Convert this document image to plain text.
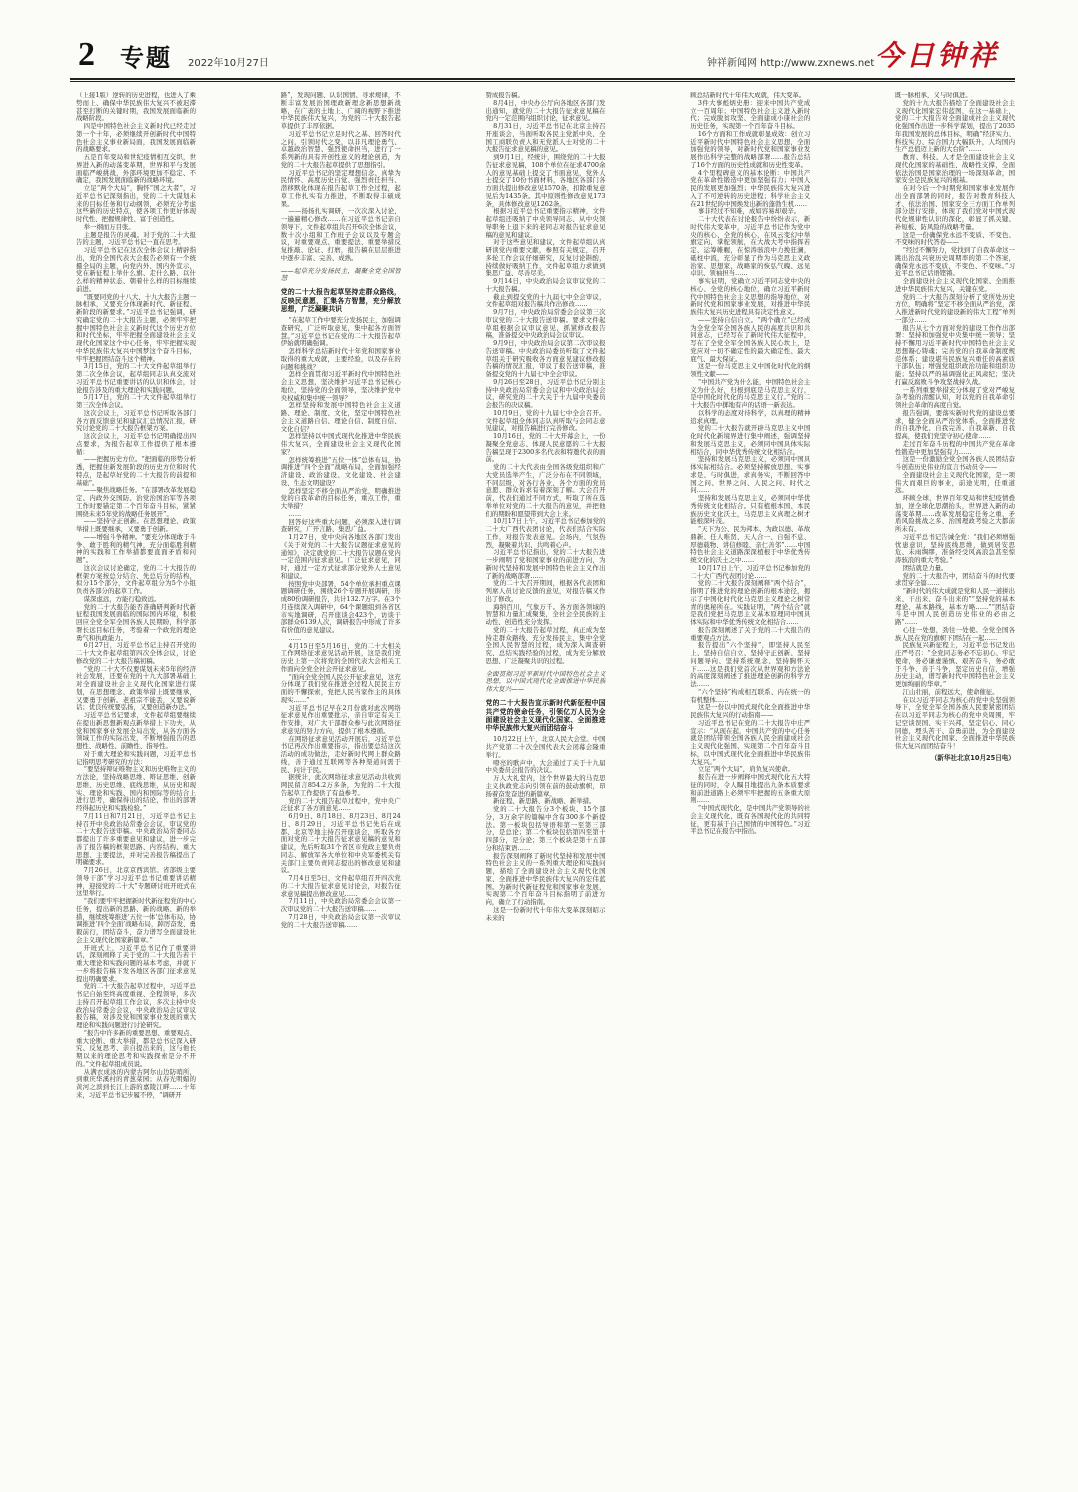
2 专题 2022年10月27日	钟祥新闻网 http://www.zxnews.net 今日钟祥

（上接1版）逆转的历史进程，也进入了乘势而上、确保中华民族伟大复兴不被迟滞甚至打断的关键时期，我国发展面临新的战略阶段。

四是中国特色社会主义新时代已经走过第一个十年，必须继续开创新时代中国特色社会主义事业新局面，我国发展面临新的战略要求。

五是百年变局和世纪疫情相互交织，世界进入新的动荡变革期，世界和平与发展面临严峻挑战，外部环境更加不稳定、不确定，我国发展面临新的战略环境。

立足“两个大局”，胸怀“国之大者”，习近平总书记深刻指出，党的二十大谋划未来的目标任务和行动纲领，必须充分考虑这些新的历史特点，使各项工作更好体现时代性、把握规律性、富于创造性。

举一纲而万目张。

主题是报告的灵魂。对于党的二十大报告的主题，习近平总书记一直在思考。

习近平总书记在这次全体会议上精辟指出，党的全国代表大会报告必须有一个统摄全局的主题，向党内外、国内外宣示，党在新征程上举什么旗、走什么路、以什么样的精神状态、朝着什么样的目标继续前进。

“既要同党的十八大、十九大报告主题一脉相承，又要充分体现新时代、新征程、新阶段的新要求。”习近平总书记强调，研究确定党的二十大报告主题，必须牢牢把握中国特色社会主义新时代这个历史方位和时代坐标，牢牢把握全面建设社会主义现代化国家这个中心任务，牢牢把握实现中华民族伟大复兴中国梦这个奋斗目标，牢牢把握团结奋斗这个精神。

3月15日，党的二十大文件起草组举行第二次全体会议，起草组同志认真交流对习近平总书记重要讲话的认识和体会，讨论报告涉及的重大理论和实践问题。

5月17日，党的二十大文件起草组举行第三次全体会议。

这次会议上，习近平总书记听取各部门各方面反馈意见和建议汇总情况汇报，研究讨论党的二十大报告框架方案。

这次会议上，习近平总书记明确提出四点要求，为报告起草工作提供了根本遵循：

——把握历史方位。“把面临的形势分析透，把握住新发展阶段的历史方位和时代特点，是起草好党的二十大报告的前提和基础”。

——聚焦战略任务。“在部署改革发展稳定、内政外交国防、治党治国治军等各项工作时要锚定第二个百年奋斗目标，紧紧围绕未来5年党的战略任务展开”。

——坚持守正创新。在思想理论、政策举措上既要继承，又要勇于创新。

——增强斗争精神。“要充分体现敢于斗争、敢于胜利的精气神，充分面临胜利精神的实践和工作举措都要直面矛盾和问题”。

这次会议讨论确定，党的二十大报告的框架方案按总分结合、先总后分的结构，拟分15个部分，文件起草组分为5个小组负责各部分的起草工作。

谋深虑远，方能行稳致远。

党的二十大报告能否准确研判新时代新征程我国发展面临的国际国内环境，积极回应全党全军全国各族人民期盼，科学部署长远目标任务，考验着一个政党的理论勇气和执政能力。

6月27日，习近平总书记主持召开党的二十大文件起草组第四次全体会议，讨论修改党的二十大报告稿初稿。

“党的二十大不仅要谋划未来5年的经济社会发展，还要在党的十九大部署基础上对全面建设社会主义现代化国家进行谋划，在思想理念、政策举措上既要继承，又要勇于创新。老祖宗不能丢，又要说新话；优良传统要弘扬，又要创造新办法。”

习近平总书记要求，文件起草组要继续在提出新思想新观点新举措上下功夫，从党和国家事业发展全局出发，从各方面各领域工作的实际出发，不断增强报告的思想性、战略性、前瞻性、指导性。

对于重大理论和实践问题，习近平总书记指明思考研究的方法：

“要坚持辩证唯物主义和历史唯物主义的方法论，坚持战略思维、辩证思维、创新思维、历史思维、底线思维，从历史和现实、理论和实践、国内和国际等的结合上进行思考，确保得出的结论，作出的部署经得起历史和实践检验。”

7月11日和7月21日，习近平总书记主持召开中央政治局常委会会议，审议党的二十大报告送审稿。中央政治局常委同志都提出了许多重要意见和建议，进一步完善了报告稿的框架思路、内容结构、重大思想、主要提法，并对完善报告稿提出了明确要求。

7月26日，北京京西宾馆。省部级主要领导干部“学习习近平总书记重要讲话精神，迎接党的二十大”专题研讨班开班式在这里举行。

“我们要牢牢把握新时代新征程党的中心任务，提出新的思路、新的战略、新的举措，继续统筹推进‘五位一体’总体布局，协调推进‘四个全面’战略布局，踔厉奋发、勇毅前行，团结奋斗，奋力谱写全面建设社会主义现代化国家新篇章。”

开班式上，习近平总书记作了重要讲话，深刻阐释了关于党的二十大报告若干重大理论和实践问题的基本考虑，并就下一步将报告稿下发各地区各部门征求意见提出明确要求。

党的二十大报告起草过程中，习近平总书记自始至终高度重视、全程领导，多次主持召开起草组工作会议，多次主持中央政治局常委会会议，中央政治局会议审议报告稿，对涉及党和国家事业发展的重大理论和实践问题进行讨论研究。

“报告中许多新的重要思想、重要观点、重大论断、重大举措，都是总书记深入研究、反复思考、亲自提出来的，这与他长期以来的理论思考和实践探索是分不开的。”文件起草组成员说。

从满衣成冰的内蒙古阿尔山边防哨所，到重庆华溪村的青葱菜园；从春光明媚的黄河之滨到长江上游的嘉陵江畔……十年来，习近平总书记步履不停，“调研开

路”，发现问题、认识国情、寻求规律，不断丰富发展治国理政新理念新思想新战略，在广袤的土地上、广阔的视野下推进中华民族伟大复兴，为党的二十大报告起草提供了丰厚依据。

习近平总书记立足时代之基、回答时代之问，引领时代之变，以非凡理论勇气、卓越政治智慧、强烈使命担当，进行了一系列新的具有开创性意义的理论创造，为党的二十大报告起草提供了思想指引。

习近平总书记的坚定理想信念、真挚为民情怀、高度历史自觉、强烈责任担当、潜移默化体现在报告起草工作全过程，起草工作扎实有力推进，不断取得丰硕成果。

——扬扬扎实调研，一次次深入讨论，一遍遍精心修改……在习近平总书记亲自领导下，文件起草组共召开6次全体会议，数十次小组和工作班子会议以及专题会议，对重要观点、重要提法、重要举措反复推敲、论证、打磨，报告稿在层层推进中逐步丰富、完善、成熟。

——起草充分发扬民主，凝聚全党全国智慧
党的二十大报告起草坚持走群众路线，反映民意愿，汇集各方智慧，充分解放思想，广泛凝聚共识

“在起草工作中要充分发扬民主，加强调查研究，广泛听取意见，集中起各方面智慧。”习近平总书记在党的二十大报告起草伊始就明确强调。

怎样科学总结新时代十年党和国家事业取得的重大成就，主要经验，以及存在的问题和挑战？

怎样全面贯彻习近平新时代中国特色社会主义思想，坚决维护习近平总书记核心地位，坚持党的全面领导，坚决维护党中央权威和集中统一领导？

怎样坚持和发展中国特色社会主义道路、理论、制度、文化，坚定中国特色社会主义道路自信、理论自信、制度自信、文化自信？

怎样坚持以中国式现代化推进中华民族伟大复兴，全面建设社会主义现代化国家？

怎样统筹推进“五位一体”总体布局，协调推进“四个全面”战略布局，全面加强经济建设、政治建设、文化建设、社会建设、生态文明建设？

怎样坚定不移全面从严治党，明确推进党的自我革命的目标任务，重点工作，重大举措？

……

回答好这些重大问题，必须深入进行调查研究，广开言路、集思广益。

1月27日，党中央向各地区各部门发出《关于对党的二十大报告议题征求意见的通知》，决定就党的二十大报告议题在党内一定范围内征求意见。广泛征求意见，同时，通过一定方式征求部分党外人士意见和建议。

按照党中央部署，54个单位承担重点课题调研任务，围绕26个专题开展调研，形成80份调研报告，共计132.7万字。在3个月连续深入调研中，64个课题组到各省区市实地调研，召开座谈会423个，访谈干部群众6139人次，调研报告中形成了许多有价值的意见建议。

……

4月15日至5月16日，党的二十大相关工作网络征求意见活动开展，这是我们党历史上第一次将党的全国代表大会相关工作面向全党全社会开征求意见。

“面向全党全国人民公开征求意见，这充分体现了我们党在推进全过程人民民主方面的不懈探索，党把人民当家作主的具体现实……”

习近平总书记早在2月份就对此次网络征求意见作出重要批示，亲自审定有关工作安排，对广大干部群众参与此次网络征求意见的努力方向，提供了根本遵循。

在网络征求意见活动开展后，习近平总书记再次作出重要指示，指出要总结这次活动的成功做法，走好新时代网上群众路线，善于通过互联网等各种渠道问需于民、问计于民。

据统计，此次网络征求意见活动共收到网民留言854.2万多条，为党的二十大报告起草工作提供了有益参考。

党的二十大报告起草过程中，党中央广泛征求了各方面意见……

6月9日、8月18日、8月23日、8月24日、8月29日，习近平总书记先后在成都、北京等地主持召开座谈会，听取各方面对党的二十大报告征求意见稿的意见和建议，先后听取31个省区市党政主要负责同志、解放军各大单位和中央军委机关有关部门主要负责同志提出的修改意见和建议。

7月4日至5日，文件起草组召开四次党的二十大报告征求意见讨论会，对报告征求意见稿提出修改意见……

7月11日，中央政治局常委会会议第一次审议党的二十大报告送审稿……

7月28日，中央政治局会议第一次审议党的二十大报告送审稿……

赞成报告稿。

8月4日，中央办公厅向各地区各部门发出通知，就党的二十大报告征求意见稿在党内一定范围内组织讨论，征求意见。

8月31日，习近平总书记在北京主持召开座谈会，当面听取各民主党派中央、全国工商联负责人和无党派人士对党的二十大报告征求意见稿的意见。

到9月1日，经统计，围绕党的二十大报告征求意见稿，108个单位在征求4700余人的意见基础上提交了书面意见，党外人士提交了10份书面材料，各地区各部门各方面共提出修改意见1570条，扣除重复意见后为1435条。其中原则性修改意见173条，具体修改意见1262条。

根据习近平总书记重要指示精神，文件起草组还吸纳了中央领导同志、从中央领导职务上退下来的老同志对报告征求意见稿的意见和建议。

对于这些意见和建议，文件起草组认真研读党内重要文献，参照有关规定，召开多轮工作会议仔细研究，反复讨论斟酌，持续做好吸纳工作，文件起草组力求做到集思广益、尽善尽美。

9月14日，中央政治局会议审议党的二十大报告稿。

截止到提交党的十九届七中全会审议，文件起草组对报告稿共作出修改……

9月7日，中央政治局常委会会议第三次审议党的二十大报告送审稿。要求文件起草组根据会议审议意见，抓紧修改报告稿，准备提交中央政治局会议审议。

9月9日，中央政治局会议第二次审议报告送审稿。中央政治局委员听取了文件起草组关于研究吸收各方面意见建议修改报告稿的情况汇报，审议了报告送审稿，准备提交党的十九届七中全会审议。

9月26日至28日，习近平总书记分别主持中央政治局常委会会议和中央政治局会议，研究党的二十大关于十九届中央委员会报告的决议稿。

10月9日，党的十九届七中全会召开。文件起草组全体同志认真听取与会同志意见建议，对报告稿进行完善修改。

10月16日，党的二十大开幕会上，一份凝聚全党意志、体现人民意愿的二十大报告稿呈现于2300多名代表和特邀代表的面前。

党的二十大代表由全国各级党组织和广大党员选举产生，广泛分布在不同领域，不同层级，对各行各业、各个方面的党员意愿、群众诉求有着深刻了解。大会召开前，代表们通过不同方式，听取了所在选举单位对党的二十大报告的意见，并把他们的期盼和愿望带到大会上来。

10月17日上午，习近平总书记参加党的二十大广西代表团讨论，代表们结合实际工作，对报告发表意见。会场内，气氛热烈，凝聚着共识、共鸣着心声。

习近平总书记指出，党的二十大报告进一步阐明了党和国家事业的前进方向，为新时代坚持和发展中国特色社会主义作出了新的战略部署……

党的二十大召开期间，根据各代表团和列席人员讨论反馈的意见，对报告稿又作出了修改。

海纳百川，气象万千。各方面各领域的智慧和力量汇成聚集，全社会全民族的主动性、创造性充分发挥。

党的二十大报告起草过程，真正成为坚持走群众路线、充分发扬民主、集中全党全国人民智慧的过程，成为深入调查研究、总结实践经验的过程，成为充分解放思想、广泛凝聚共识的过程。

全面贯彻习近平新时代中国特色社会主义思想，以中国式现代化全面推进中华民族伟大复兴——
党的二十大报告宣示新时代新征程中国共产党的使命任务，引领亿万人民为全面建设社会主义现代化国家、全面推进中华民族伟大复兴而团结奋斗

10月22日上午，北京人民大会堂。中国共产党第二十次全国代表大会闭幕会隆重举行。

嘹亮的歌声中，大会通过了关于十九届中央委员会报告的决议。

万人大礼堂内，这个世界最大的马克思主义执政党志向引领在前的鼓动旗帜，昂扬着奋发奋进的新篇章。

新征程、新思路、新战略、新举措。

党的二十大报告分3个板块、15个部分，3万余字的篇幅中含有300多个新提法。第一板块包括导语和第一至第三部分，是总论；第二个板块包括第四至第十四部分，是分论；第三个板块是第十五部分和结束语……

报告深刻阐释了新时代坚持和发展中国特色社会主义的一系列重大理论和实践问题，描绘了全面建设社会主义现代化国家、全面推进中华民族伟大复兴的宏伟蓝图。为新时代新征程党和国家事业发展，实现第二个百年奋斗目标指明了前进方向，确立了行动指南。

这是一份新时代十年伟大变革深刻昭示未来的

顾总结新时代十年伟大成就，伟大变革。

3件大事彪炳史册：迎来中国共产党成立一百周年；中国特色社会主义进入新时代；完成脱贫攻坚、全面建成小康社会的历史任务，实现第一个百年奋斗目标。

16个方面和工作成就彰显成效：创立习近平新时代中国特色社会主义思想，全面加强党的领导，对新时代党和国家事业发展作出科学完整的战略部署……报告总结了16个方面的历史性成就和历史性变革。

4个里程碑意义的基本论断：中国共产党在革命性锻造中更加坚强有力；中国人民的发展更加强烈；中华民族伟大复兴进入了不可逆转的历史进程；科学社会主义在21世纪的中国焕发出新的蓬勃生机……

事非经过不知难，成如容易却艰辛。

二十大代表在讨论报告中纷纷表示，新时代伟大变革中，习近平总书记作为党中央的核心、全党的核心，在风云变幻中举旗定向、掌舵领航，在大战大考中指挥若定、运筹帷幄，在惊涛骇浪中力挽狂澜，砥柱中流，充分彰显了作为马克思主义政治家、思想家、战略家的恢弘气魄、远见卓识、领袖担当……

事实证明，党确立习近平同志党中央的核心、全党的核心地位，确立习近平新时代中国特色社会主义思想的指导地位，对新时代党和国家事业发展，对推进中华民族伟大复兴历史进程具有决定性意义。

——坚持自信自立。“两个确立”已经成为全党全军全国各族人民的高度共识和共同意志，已经写在了新时代伟大征程中，写在了全党全军全国各族人民心坎上，是党应对一切不确定性的最大确定性、最大底气、最大保证。

这是一份马克思主义中国化时代化的纲领性文献——

“中国共产党为什么能，中国特色社会主义为什么好，归根到底是马克思主义行，是中国化时代化的马克思主义行。”党的二十大报告中掷地有声的话语一新表达。

以科学的态度对待科学，以真理的精神追求真理。

党的二十大报告就开辟马克思主义中国化时代化新境界进行集中阐述，强调坚持和发展马克思主义，必须同中国具体实际相结合，同中华优秀传统文化相结合。

坚持和发展马克思主义，必须同中国具体实际相结合。必须坚持解放思想、实事求是、与时俱进，求真务实，不断回答中国之问、世界之问、人民之问、时代之问……

坚持和发展马克思主义，必须同中华优秀传统文化相结合。只有植根本国、本民族历史文化沃土，马克思主义真理之树才能根深叶茂。

“天下为公、民为邦本、为政以德、革故鼎新、任人唯贤、天人合一、自强不息、厚德载物、讲信修睦、亲仁善邻”……中国特色社会主义道路深深植根于中华优秀传统文化的沃土之中……

10月17日上午，习近平总书记参加党的二十大广西代表团讨论……

党的二十大报告深刻阐释“两个结合”，指明了推进党的理论创新的根本途径，揭示了中国化时代化马克思主义理论之树常青的奥秘所在。实践证明，“两个结合”就是我们党把马克思主义基本原理同中国具体实际和中华优秀传统文化相结合……

报告深刻阐述了关于党的二十大报告的重要观点方法。

报告提出“六个坚持”，即坚持人民至上、坚持自信自立、坚持守正创新、坚持问题导向、坚持系统观念、坚持胸怀天下……这是我们党首次从世界观和方法论的高度深刻阐述了推进理论创新的科学方法……

“六个坚持”构成相互联系、内在统一的有机整体……

这是一份以中国式现代化全面推进中华民族伟大复兴的行动指南——

习近平总书记在党的二十大报告中庄严宣示：“从现在起，中国共产党的中心任务就是团结带领全国各族人民全面建成社会主义现代化强国、实现第二个百年奋斗目标，以中国式现代化全面推进中华民族伟大复兴。”

立足“两个大局”，肩负复兴使命。

报告在进一步阐释中国式现代化五大特征的同时，令人瞩目地提出九条本质要求和前进道路上必须牢牢把握的五条重大原则……

“中国式现代化，是中国共产党领导的社会主义现代化，既有各国现代化的共同特征，更有基于自己国情的中国特色。”习近平总书记在报告中指出。

既一脉相承，又与时俱进。

党的十九大报告描绘了全面建设社会主义现代化国家宏伟蓝图，在这一基础上，党的二十大报告对全面建成社会主义现代化强国作出进一步科学谋划，提出了2035年我国发展的总体目标，明确“经济实力、科技实力、综合国力大幅跃升，人均国内生产总值迈上新的大台阶”……

教育、科技、人才是全面建设社会主义现代化国家的基础性、战略性支撑，全面依法治国是国家治理的一场深刻革命，国家安全是民族复兴的根基。

在对今后一个时期党和国家事业发展作出全面部署的同时，报告对教育科技人才、依法治国、国家安全三方面工作单列部分进行安排，体现了我们党对中国式现代化规律性认识的深化，彰显了抓关键、补短板、防风险的战略考量。

这是一份确保党永远不变质、不变色、不变味的时代答卷——

“经过不懈努力，党找到了自我革命这一跳出治乱兴衰历史周期率的第二个答案，确保党永远不变质、不变色、不变味。”习近平总书记话语铿锵。

全面建设社会主义现代化国家、全面推进中华民族伟大复兴，关键在党。

党的二十大报告深刻分析了党所处历史方位，明确将“坚定不移全面从严治党，深入推进新时代党的建设新的伟大工程”单列一部分……

报告从七个方面对党的建设工作作出部署：坚持和加强党中央集中统一领导；坚持不懈用习近平新时代中国特色社会主义思想凝心铸魂；完善党的自我革命制度规范体系；建设堪当民族复兴重任的高素质干部队伍；增强党组织政治功能和组织功能；坚持以严的基调强化正风肃纪；坚决打赢反腐败斗争攻坚战持久战。

一系列重要举措充分体现了党对严峻复杂考验的清醒认知，对以党的自我革命引领社会革命的高度自觉。

报告强调，要落实新时代党的建设总要求，健全全面从严治党体系，全面推进党的自我净化、自我完善、自我革新、自我提高，使我们党坚守初心使命……

走过百年奋斗历程的中国共产党在革命性锻造中更加坚强有力……

这是一份激励全党全国各族人民团结奋斗创造历史伟业的宣言书动员令——

全面建设社会主义现代化国家，是一项伟大而艰巨的事业，前途光明，任重道远。

环顾全球，世界百年变局和世纪疫情叠加，逆全球化思潮抬头，世界进入新的动荡变革期……改革发展稳定任务之重、矛盾风险挑战之多、治国理政考验之大都前所未有。

习近平总书记告诫全党：“我们必须增强忧患意识，坚持底线思维，做到居安思危、未雨绸缪，准备经受风高浪急甚至惊涛骇浪的重大考验。”

团结就是力量。

党的二十大报告中，团结奋斗的时代要求贯穿全篇……

“新时代的伟大成就是党和人民一道拼出来、干出来、奋斗出来的”“坚持党的基本理论、基本路线、基本方略……”“团结奋斗是中国人民创造历史伟业的必由之路”……

心往一处想，劲往一处使。全党全国各族人民在党的旗帜下团结在一起……

民族复兴新征程上，习近平总书记发出庄严号召：“全党同志务必不忘初心、牢记使命，务必谦虚谨慎、艰苦奋斗，务必敢于斗争、善于斗争，坚定历史自信，增强历史主动，谱写新时代中国特色社会主义更加绚丽的华章。”

江山壮丽，前程远大，使命催征。

在以习近平同志为核心的党中央坚强领导下，全党全军全国各族人民要紧密团结在以习近平同志为核心的党中央周围，牢记空谈误国、实干兴邦，坚定信心、同心同德，埋头苦干、奋勇前进，为全面建设社会主义现代化国家、全面推进中华民族伟大复兴而团结奋斗！

（新华社北京10月25日电）
